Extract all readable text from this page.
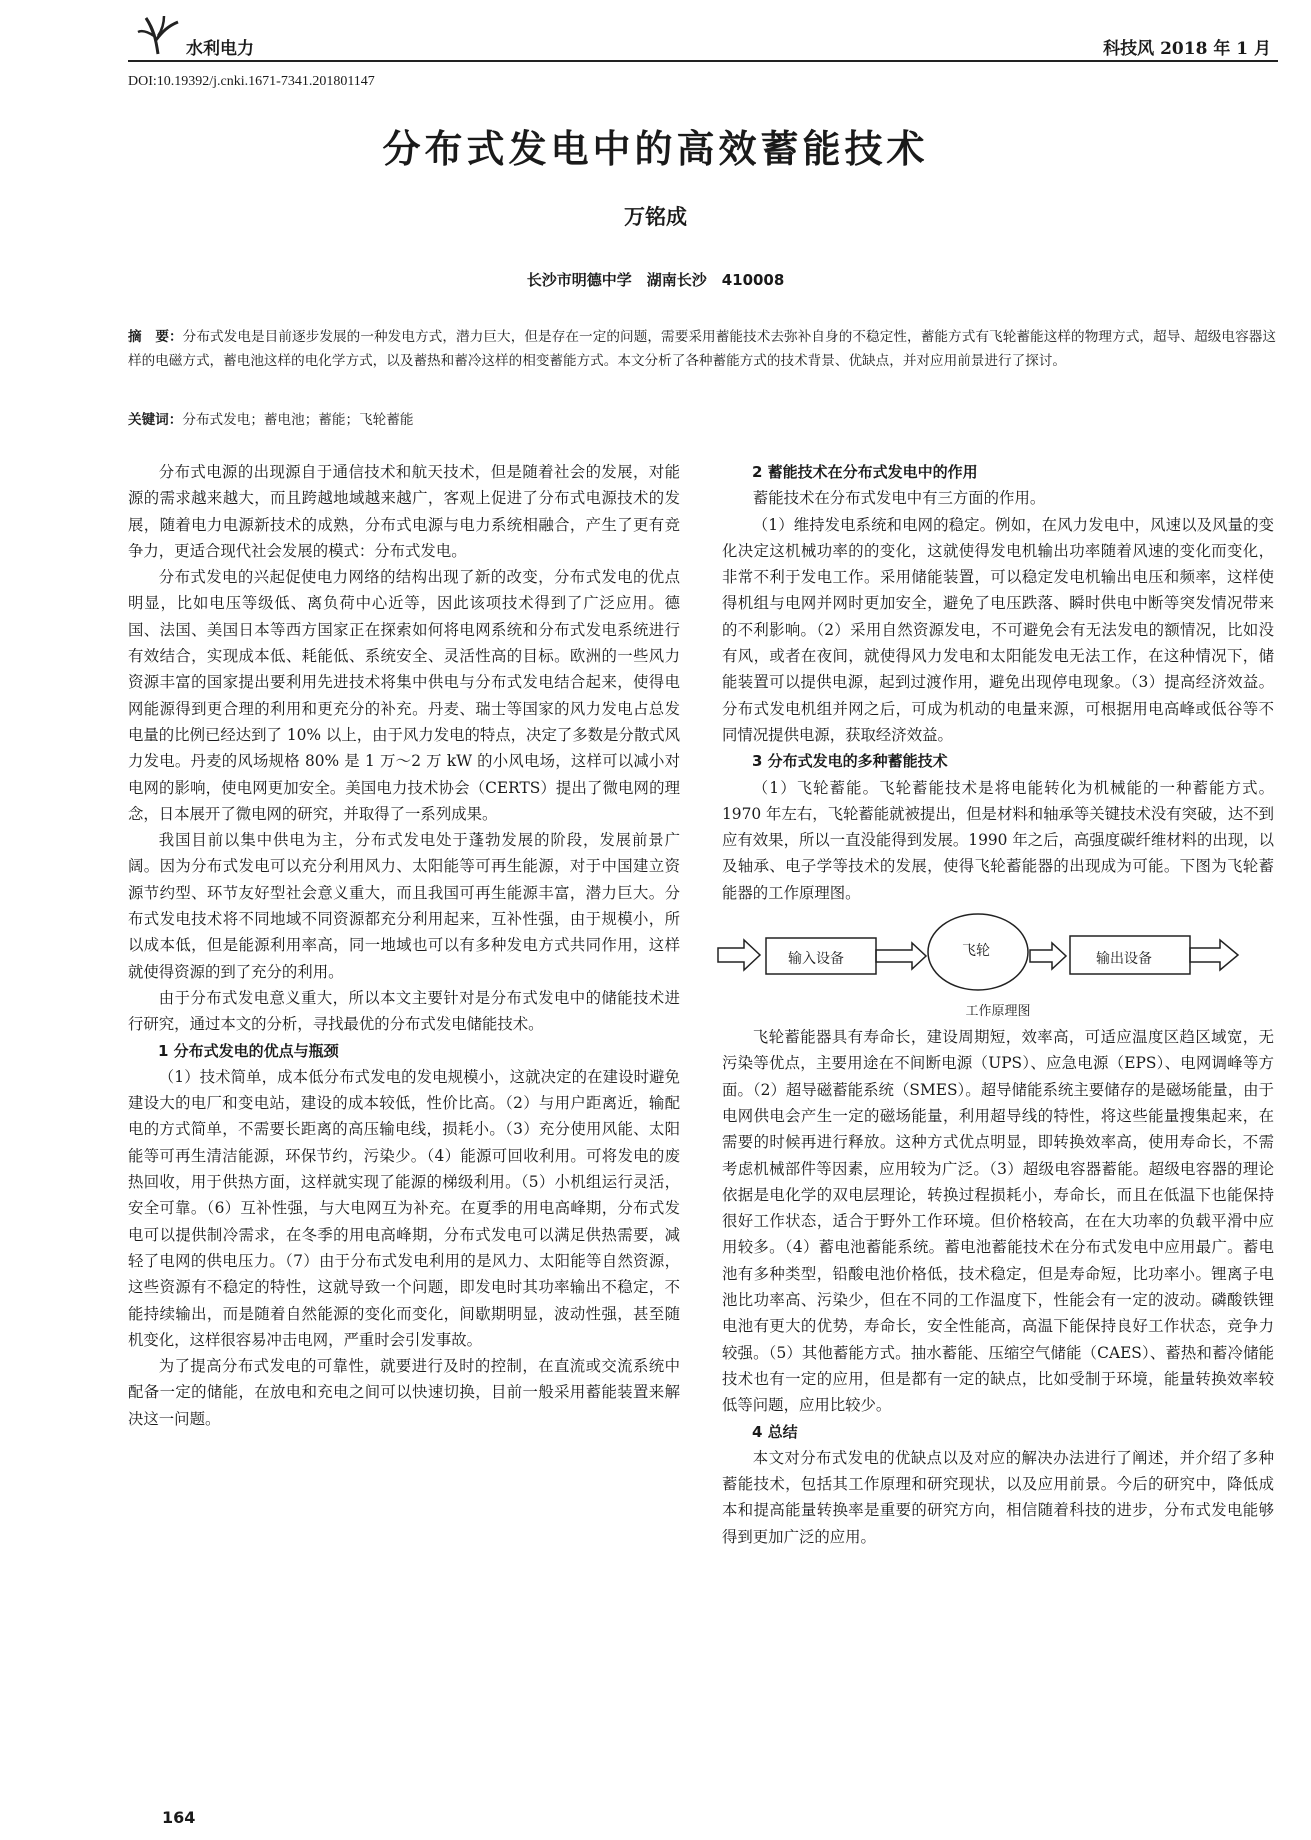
水利电力	科技风 2018 年 1 月
DOI:10.19392/j.cnki.1671-7341.201801147
分布式发电中的高效蓄能技术
万铭成
长沙市明德中学　湖南长沙　410008
摘　要：分布式发电是目前逐步发展的一种发电方式，潜力巨大，但是存在一定的问题，需要采用蓄能技术去弥补自身的不稳定性，蓄能方式有飞轮蓄能这样的物理方式，超导、超级电容器这样的电磁方式，蓄电池这样的电化学方式，以及蓄热和蓄冷这样的相变蓄能方式。本文分析了各种蓄能方式的技术背景、优缺点，并对应用前景进行了探讨。
关键词：分布式发电；蓄电池；蓄能；飞轮蓄能

分布式电源的出现源自于通信技术和航天技术，但是随着社会的发展，对能源的需求越来越大，而且跨越地域越来越广，客观上促进了分布式电源技术的发展，随着电力电源新技术的成熟，分布式电源与电力系统相融合，产生了更有竞争力，更适合现代社会发展的模式：分布式发电。

分布式发电的兴起促使电力网络的结构出现了新的改变，分布式发电的优点明显，比如电压等级低、离负荷中心近等，因此该项技术得到了广泛应用。德国、法国、美国日本等西方国家正在探索如何将电网系统和分布式发电系统进行有效结合，实现成本低、耗能低、系统安全、灵活性高的目标。欧洲的一些风力资源丰富的国家提出要利用先进技术将集中供电与分布式发电结合起来，使得电网能源得到更合理的利用和更充分的补充。丹麦、瑞士等国家的风力发电占总发电量的比例已经达到了 10% 以上，由于风力发电的特点，决定了多数是分散式风力发电。丹麦的风场规格 80% 是 1 万～2 万 kW 的小风电场，这样可以减小对电网的影响，使电网更加安全。美国电力技术协会（CERTS）提出了微电网的理念，日本展开了微电网的研究，并取得了一系列成果。

我国目前以集中供电为主，分布式发电处于蓬勃发展的阶段，发展前景广阔。因为分布式发电可以充分利用风力、太阳能等可再生能源，对于中国建立资源节约型、环节友好型社会意义重大，而且我国可再生能源丰富，潜力巨大。分布式发电技术将不同地域不同资源都充分利用起来，互补性强，由于规模小，所以成本低，但是能源利用率高，同一地域也可以有多种发电方式共同作用，这样就使得资源的到了充分的利用。

由于分布式发电意义重大，所以本文主要针对是分布式发电中的储能技术进行研究，通过本文的分析，寻找最优的分布式发电储能技术。

1 分布式发电的优点与瓶颈

（1）技术简单，成本低分布式发电的发电规模小，这就决定的在建设时避免建设大的电厂和变电站，建设的成本较低，性价比高。（2）与用户距离近，输配电的方式简单，不需要长距离的高压输电线，损耗小。（3）充分使用风能、太阳能等可再生清洁能源，环保节约，污染少。（4）能源可回收利用。可将发电的废热回收，用于供热方面，这样就实现了能源的梯级利用。（5）小机组运行灵活，安全可靠。（6）互补性强，与大电网互为补充。在夏季的用电高峰期，分布式发电可以提供制冷需求，在冬季的用电高峰期，分布式发电可以满足供热需要，减轻了电网的供电压力。（7）由于分布式发电利用的是风力、太阳能等自然资源，这些资源有不稳定的特性，这就导致一个问题，即发电时其功率输出不稳定，不能持续输出，而是随着自然能源的变化而变化，间歇期明显，波动性强，甚至随机变化，这样很容易冲击电网，严重时会引发事故。

为了提高分布式发电的可靠性，就要进行及时的控制，在直流或交流系统中配备一定的储能，在放电和充电之间可以快速切换，目前一般采用蓄能装置来解决这一问题。

2 蓄能技术在分布式发电中的作用

蓄能技术在分布式发电中有三方面的作用。

（1）维持发电系统和电网的稳定。例如，在风力发电中，风速以及风量的变化决定这机械功率的的变化，这就使得发电机输出功率随着风速的变化而变化，非常不利于发电工作。采用储能装置，可以稳定发电机输出电压和频率，这样使得机组与电网并网时更加安全，避免了电压跌落、瞬时供电中断等突发情况带来的不利影响。（2）采用自然资源发电，不可避免会有无法发电的额情况，比如没有风，或者在夜间，就使得风力发电和太阳能发电无法工作，在这种情况下，储能装置可以提供电源，起到过渡作用，避免出现停电现象。（3）提高经济效益。分布式发电机组并网之后，可成为机动的电量来源，可根据用电高峰或低谷等不同情况提供电源，获取经济效益。

3 分布式发电的多种蓄能技术

（1）飞轮蓄能。飞轮蓄能技术是将电能转化为机械能的一种蓄能方式。1970 年左右，飞轮蓄能就被提出，但是材料和轴承等关键技术没有突破，达不到应有效果，所以一直没能得到发展。1990 年之后，高强度碳纤维材料的出现，以及轴承、电子学等技术的发展，使得飞轮蓄能器的出现成为可能。下图为飞轮蓄能器的工作原理图。

输入设备	飞轮	输出设备
工作原理图

飞轮蓄能器具有寿命长，建设周期短，效率高，可适应温度区趋区域宽，无污染等优点，主要用途在不间断电源（UPS）、应急电源（EPS）、电网调峰等方面。（2）超导磁蓄能系统（SMES）。超导储能系统主要储存的是磁场能量，由于电网供电会产生一定的磁场能量，利用超导线的特性，将这些能量搜集起来，在需要的时候再进行释放。这种方式优点明显，即转换效率高，使用寿命长，不需考虑机械部件等因素，应用较为广泛。（3）超级电容器蓄能。超级电容器的理论依据是电化学的双电层理论，转换过程损耗小，寿命长，而且在低温下也能保持很好工作状态，适合于野外工作环境。但价格较高，在在大功率的负载平滑中应用较多。（4）蓄电池蓄能系统。蓄电池蓄能技术在分布式发电中应用最广。蓄电池有多种类型，铅酸电池价格低，技术稳定，但是寿命短，比功率小。锂离子电池比功率高、污染少，但在不同的工作温度下，性能会有一定的波动。磷酸铁锂电池有更大的优势，寿命长，安全性能高，高温下能保持良好工作状态，竞争力较强。（5）其他蓄能方式。抽水蓄能、压缩空气储能（CAES）、蓄热和蓄冷储能技术也有一定的应用，但是都有一定的缺点，比如受制于环境，能量转换效率较低等问题，应用比较少。

4 总结

本文对分布式发电的优缺点以及对应的解决办法进行了阐述，并介绍了多种蓄能技术，包括其工作原理和研究现状，以及应用前景。今后的研究中，降低成本和提高能量转换率是重要的研究方向，相信随着科技的进步，分布式发电能够得到更加广泛的应用。

164
